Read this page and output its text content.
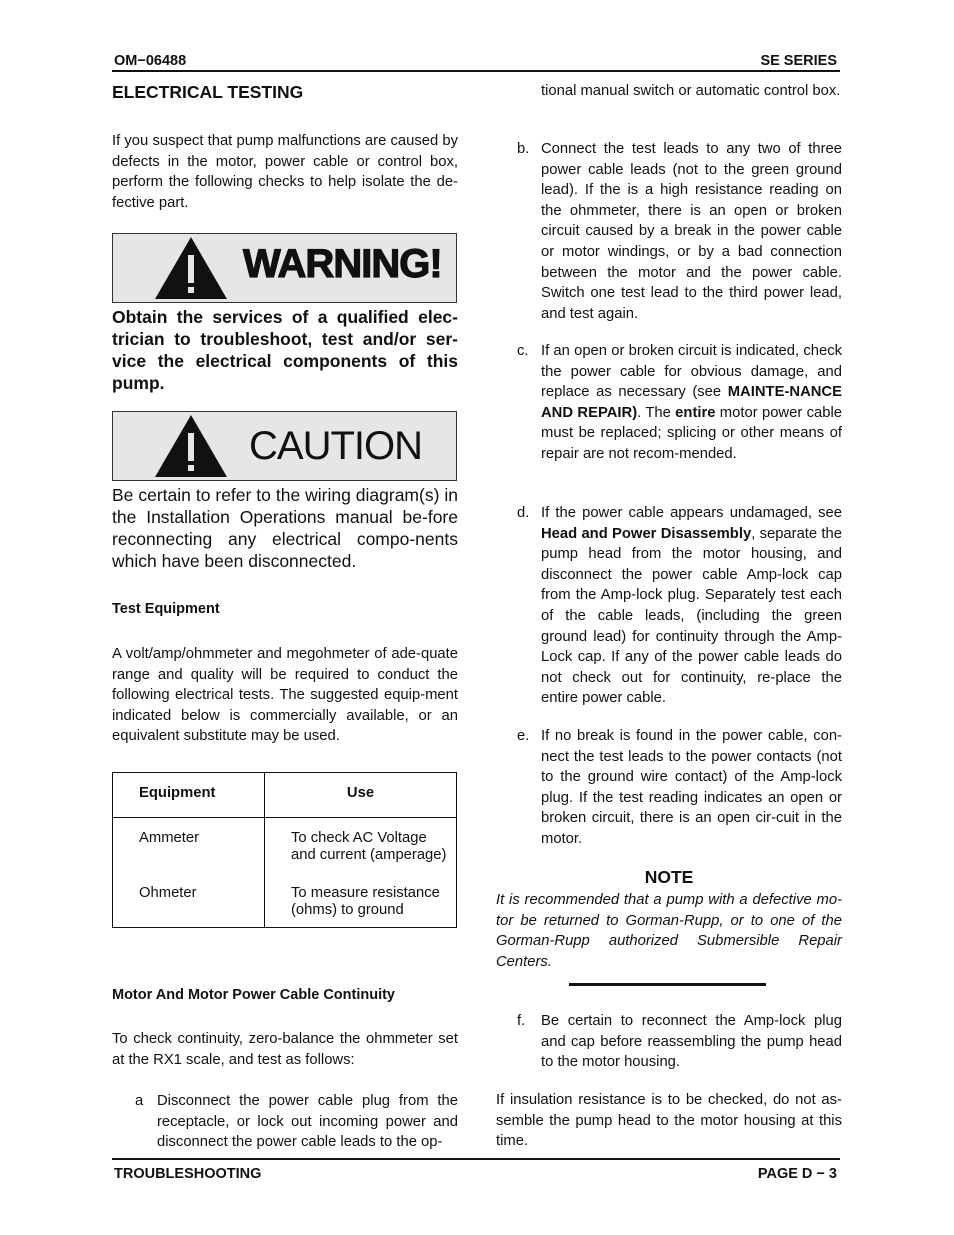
OM−06488	SE SERIES
ELECTRICAL TESTING

If you suspect that pump malfunctions are caused by defects in the motor, power cable or control box, perform the following checks to help isolate the de-fective part.

WARNING!

Obtain the services of a qualified elec-trician to troubleshoot, test and/or ser-vice the electrical components of this pump.

CAUTION

Be certain to refer to the wiring diagram(s) in the Installation Operations manual be-fore reconnecting any electrical compo-nents which have been disconnected.

Test Equipment

A volt/amp/ohmmeter and megohmeter of ade-quate range and quality will be required to conduct the following electrical tests. The suggested equip-ment indicated below is commercially available, or an equivalent substitute may be used.

Equipment	Use
Ammeter	To check AC Voltage
and current (amperage)

Ohmeter	To measure resistance
(ohms) to ground
Motor And Motor Power Cable Continuity

To check continuity, zero-balance the ohmmeter set at the RX1 scale, and test as follows:

a Disconnect the power cable plug from the receptacle, or lock out incoming power and disconnect the power cable leads to the op-

tional manual switch or automatic control box.

b. Connect the test leads to any two of three power cable leads (not to the green ground lead). If the is a high resistance reading on the ohmmeter, there is an open or broken circuit caused by a break in the power cable or motor windings, or by a bad connection between the motor and the power cable. Switch one test lead to the third power lead, and test again.

c. If an open or broken circuit is indicated, check the power cable for obvious damage, and replace as necessary (see MAINTE-NANCE AND REPAIR). The entire motor power cable must be replaced; splicing or other means of repair are not recom-mended.

d. If the power cable appears undamaged, see Head and Power Disassembly, separate the pump head from the motor housing, and disconnect the power cable Amp-lock cap from the Amp-lock plug. Separately test each of the cable leads, (including the green ground lead) for continuity through the Amp-Lock cap. If any of the power cable leads do not check out for continuity, re-place the entire power cable.

e. If no break is found in the power cable, con-nect the test leads to the power contacts (not to the ground wire contact) of the Amp-lock plug. If the test reading indicates an open or broken circuit, there is an open cir-cuit in the motor.

NOTE

It is recommended that a pump with a defective mo-tor be returned to Gorman-Rupp, or to one of the Gorman-Rupp authorized Submersible Repair Centers.

f. Be certain to reconnect the Amp-lock plug and cap before reassembling the pump head to the motor housing.

If insulation resistance is to be checked, do not as-semble the pump head to the motor housing at this time.

TROUBLESHOOTING	PAGE D − 3
